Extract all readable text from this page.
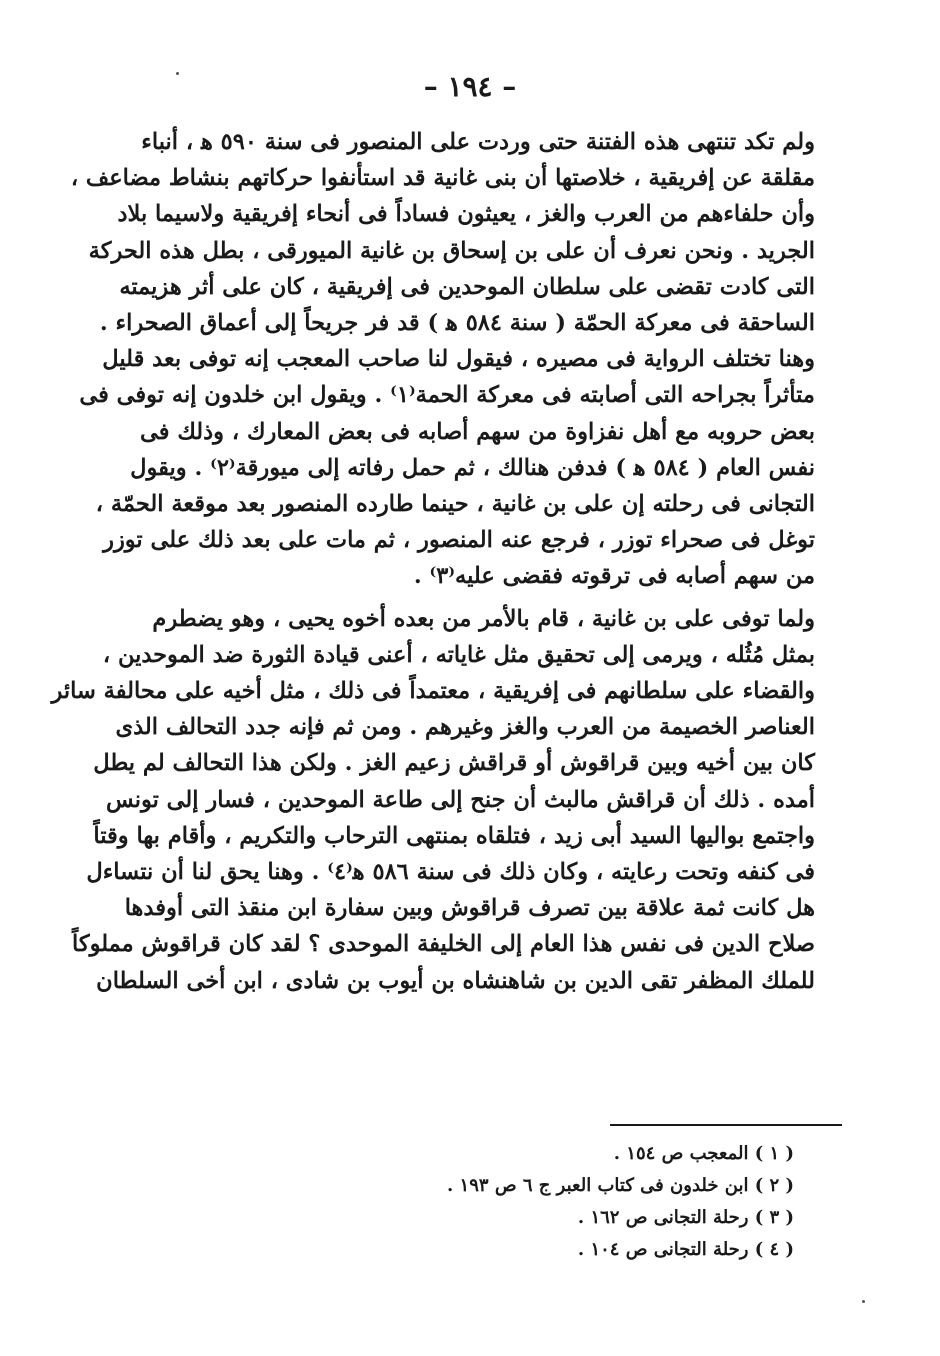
– ١٩٤ –

ولم تكد تنتهى هذه الفتنة حتى وردت على المنصور فى سنة ٥٩٠ ﻫ ، أنباء
مقلقة عن إفريقية ، خلاصتها أن بنى غانية قد استأنفوا حركاتهم بنشاط مضاعف ،
وأن حلفاءهم من العرب والغز ، يعيثون فساداً فى أنحاء إفريقية ولاسيما بلاد
الجريد . ونحن نعرف أن على بن إسحاق بن غانية الميورقى ، بطل هذه الحركة
التى كادت تقضى على سلطان الموحدين فى إفريقية ، كان على أثر هزيمته
الساحقة فى معركة الحمّة ( سنة ٥٨٤ ﻫ ) قد فر جريحاً إلى أعماق الصحراء .
وهنا تختلف الرواية فى مصيره ، فيقول لنا صاحب المعجب إنه توفى بعد قليل
متأثراً بجراحه التى أصابته فى معركة الحمة⁽١⁾ . ويقول ابن خلدون إنه توفى فى
بعض حروبه مع أهل نفزاوة من سهم أصابه فى بعض المعارك ، وذلك فى
نفس العام ( ٥٨٤ ﻫ ) فدفن هنالك ، ثم حمل رفاته إلى ميورقة⁽٢⁾ . ويقول
التجانى فى رحلته إن على بن غانية ، حينما طارده المنصور بعد موقعة الحمّة ،
توغل فى صحراء توزر ، فرجع عنه المنصور ، ثم مات على بعد ذلك على توزر
من سهم أصابه فى ترقوته فقضى عليه⁽٣⁾ .

ولما توفى على بن غانية ، قام بالأمر من بعده أخوه يحيى ، وهو يضطرم
بمثل مُثُله ، ويرمى إلى تحقيق مثل غاياته ، أعنى قيادة الثورة ضد الموحدين ،
والقضاء على سلطانهم فى إفريقية ، معتمداً فى ذلك ، مثل أخيه على محالفة سائر
العناصر الخصيمة من العرب والغز وغيرهم . ومن ثم فإنه جدد التحالف الذى
كان بين أخيه وبين قراقوش أو قراقش زعيم الغز . ولكن هذا التحالف لم يطل
أمده . ذلك أن قراقش مالبث أن جنح إلى طاعة الموحدين ، فسار إلى تونس
واجتمع بواليها السيد أبى زيد ، فتلقاه بمنتهى الترحاب والتكريم ، وأقام بها وقتاً
فى كنفه وتحت رعايته ، وكان ذلك فى سنة ٥٨٦ ﻫ⁽٤⁾ . وهنا يحق لنا أن نتساءل
هل كانت ثمة علاقة بين تصرف قراقوش وبين سفارة ابن منقذ التى أوفدها
صلاح الدين فى نفس هذا العام إلى الخليفة الموحدى ؟ لقد كان قراقوش مملوكاً
للملك المظفر تقى الدين بن شاهنشاه بن أيوب بن شادى ، ابن أخى السلطان

( ١ ) المعجب ص ١٥٤ .
( ٢ ) ابن خلدون فى كتاب العبر ج ٦ ص ١٩٣ .
( ٣ ) رحلة التجانى ص ١٦٢ .
( ٤ ) رحلة التجانى ص ١٠٤ .
